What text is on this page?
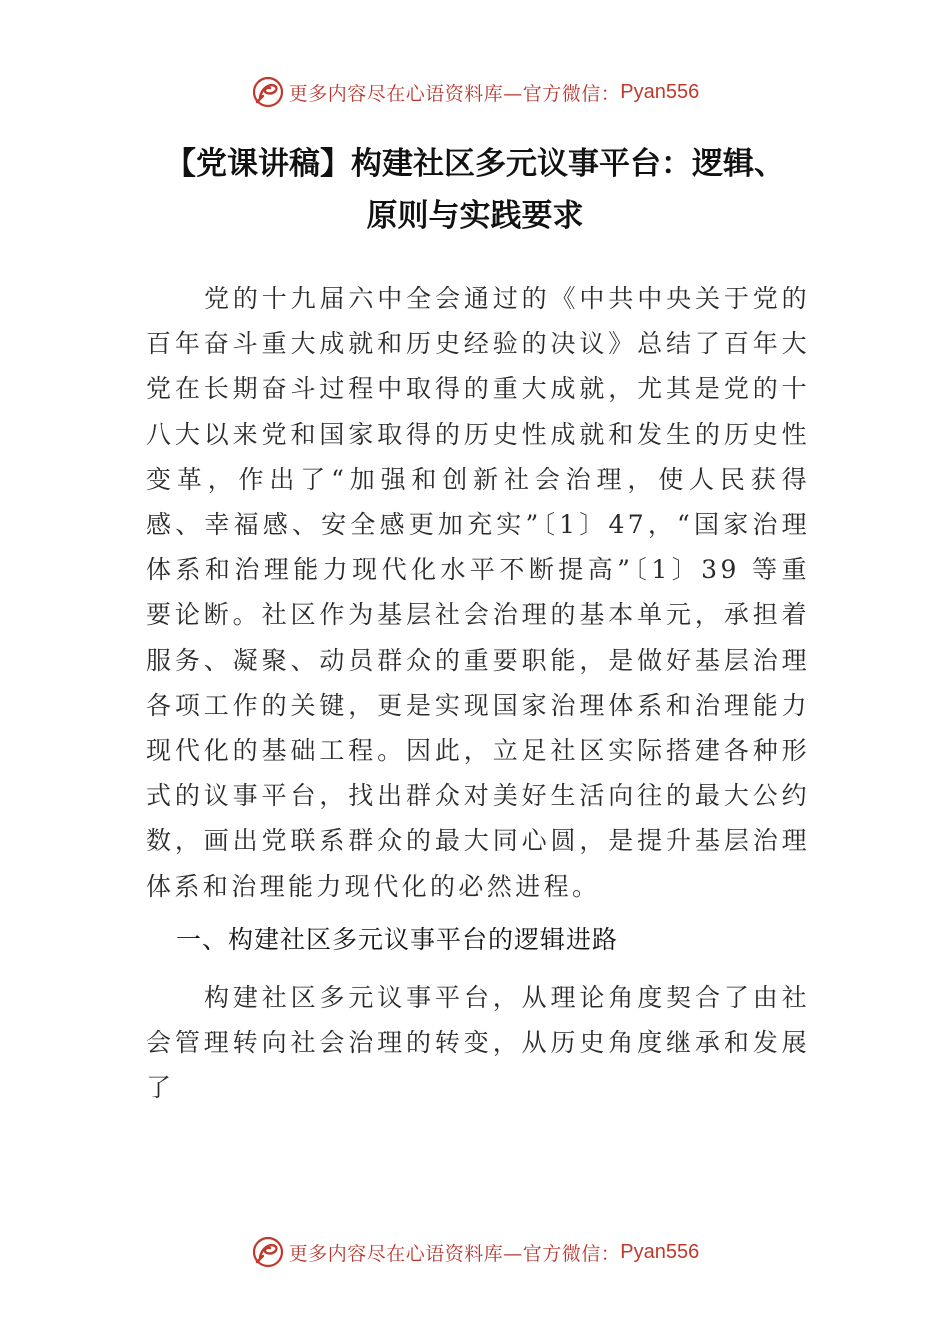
更多内容尽在心语资料库—官方微信： Pyan556
【党课讲稿】构建社区多元议事平台：逻辑、
原则与实践要求

党的十九届六中全会通过的《中共中央关于党的百年奋斗重大成就和历史经验的决议》总结了百年大党在长期奋斗过程中取得的重大成就，尤其是党的十八大以来党和国家取得的历史性成就和发生的历史性变革，作出了“加强和创新社会治理，使人民获得感、幸福感、安全感更加充实”〔1〕47，“国家治理体系和治理能力现代化水平不断提高”〔1〕39 等重要论断。社区作为基层社会治理的基本单元，承担着服务、凝聚、动员群众的重要职能，是做好基层治理各项工作的关键，更是实现国家治理体系和治理能力现代化的基础工程。因此，立足社区实际搭建各种形式的议事平台，找出群众对美好生活向往的最大公约数，画出党联系群众的最大同心圆，是提升基层治理体系和治理能力现代化的必然进程。

一、构建社区多元议事平台的逻辑进路

构建社区多元议事平台，从理论角度契合了由社会管理转向社会治理的转变，从历史角度继承和发展了

更多内容尽在心语资料库—官方微信： Pyan556
